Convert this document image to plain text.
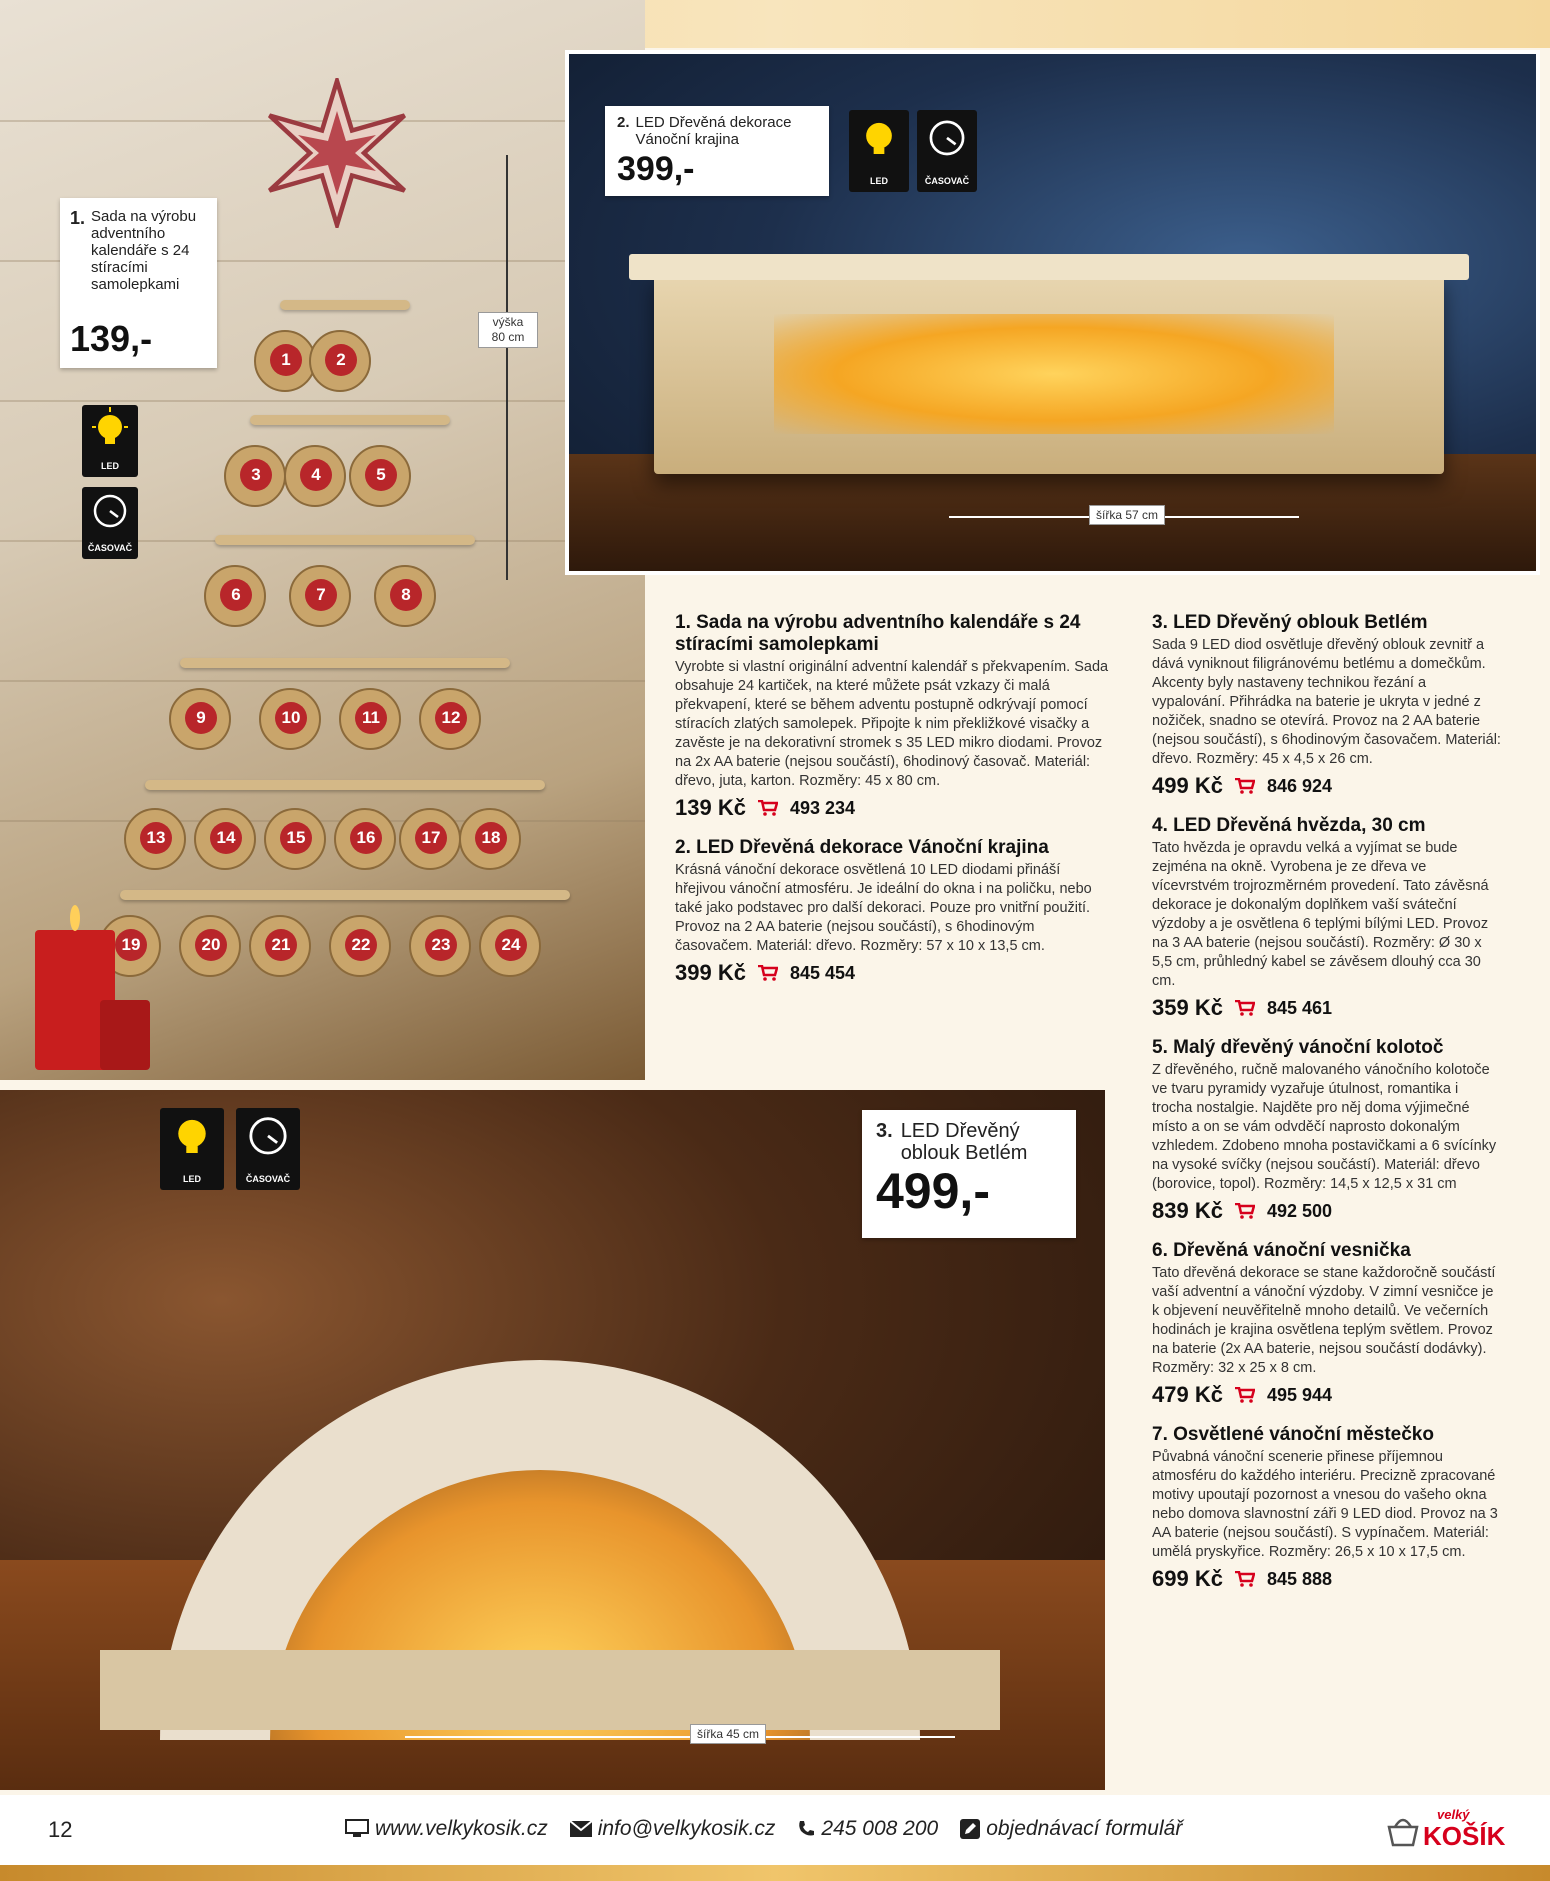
1	2
3	4	5
6	7	8
9	10	11	12
13	14	15	16	17	18
19	20	21	22	23	24
1. Sada na výrobu adventního kalendáře s 24 stíracími samolepkami
139,-
LED
ČASOVAČ
výška 80 cm
2. LED Dřevěná dekorace Vánoční krajina
399,-	LED	ČASOVAČ
šířka 57 cm
LED	ČASOVAČ
3. LED Dřevěný oblouk Betlém
499,-
šířka 45 cm
1. Sada na výrobu adventního kalendáře s 24 stíracími samolepkami

Vyrobte si vlastní originální adventní kalendář s překvapením. Sada obsahuje 24 kartiček, na které můžete psát vzkazy či malá překvapení, které se během adventu postupně odkrývají pomocí stíracích zlatých samolepek. Připojte k nim překližkové visačky a zavěste je na dekorativní stromek s 35 LED mikro diodami. Provoz na 2x AA baterie (nejsou součástí), 6hodinový časovač. Materiál: dřevo, juta, karton. Rozměry: 45 x 80 cm.

139 Kč 493 234
2. LED Dřevěná dekorace Vánoční krajina

Krásná vánoční dekorace osvětlená 10 LED diodami přináší hřejivou vánoční atmosféru. Je ideální do okna i na poličku, nebo také jako podstavec pro další dekoraci. Pouze pro vnitřní použití. Provoz na 2 AA baterie (nejsou součástí), s 6hodinovým časovačem. Materiál: dřevo. Rozměry: 57 x 10 x 13,5 cm.

399 Kč 845 454
3. LED Dřevěný oblouk Betlém

Sada 9 LED diod osvětluje dřevěný oblouk zevnitř a dává vyniknout filigránovému betlému a domečkům. Akcenty byly nastaveny technikou řezání a vypalování. Přihrádka na baterie je ukryta v jedné z nožiček, snadno se otevírá. Provoz na 2 AA baterie (nejsou součástí), s 6hodinovým časovačem. Materiál: dřevo. Rozměry: 45 x 4,5 x 26 cm.

499 Kč 846 924
4. LED Dřevěná hvězda, 30 cm

Tato hvězda je opravdu velká a vyjímat se bude zejména na okně. Vyrobena je ze dřeva ve vícevrstvém trojrozměrném provedení. Tato závěsná dekorace je dokonalým doplňkem vaší sváteční výzdoby a je osvětlena 6 teplými bílými LED. Provoz na 3 AA baterie (nejsou součástí). Rozměry: Ø 30 x 5,5 cm, průhledný kabel se závěsem dlouhý cca 30 cm.

359 Kč 845 461
5. Malý dřevěný vánoční kolotoč

Z dřevěného, ručně malovaného vánočního kolotoče ve tvaru pyramidy vyzařuje útulnost, romantika i trocha nostalgie. Najděte pro něj doma výjimečné místo a on se vám odvděčí naprosto dokonalým vzhledem. Zdobeno mnoha postavičkami a 6 svícínky na vysoké svíčky (nejsou součástí). Materiál: dřevo (borovice, topol). Rozměry: 14,5 x 12,5 x 31 cm

839 Kč 492 500
6. Dřevěná vánoční vesnička

Tato dřevěná dekorace se stane každoročně součástí vaší adventní a vánoční výzdoby. V zimní vesničce je k objevení neuvěřitelně mnoho detailů. Ve večerních hodinách je krajina osvětlena teplým světlem. Provoz na baterie (2x AA baterie, nejsou součástí dodávky). Rozměry: 32 x 25 x 8 cm.

479 Kč 495 944
7. Osvětlené vánoční městečko

Půvabná vánoční scenerie přinese příjemnou atmosféru do každého interiéru. Precizně zpracované motivy upoutají pozornost a vnesou do vašeho okna nebo domova slavnostní záři 9 LED diod. Provoz na 3 AA baterie (nejsou součástí). S vypínačem. Materiál: umělá pryskyřice. Rozměry: 26,5 x 10 x 17,5 cm.

699 Kč 845 888
12	www.velkykosik.cz info@velkykosik.cz 245 008 200 objednávací formulář
velký
KOŠÍK
